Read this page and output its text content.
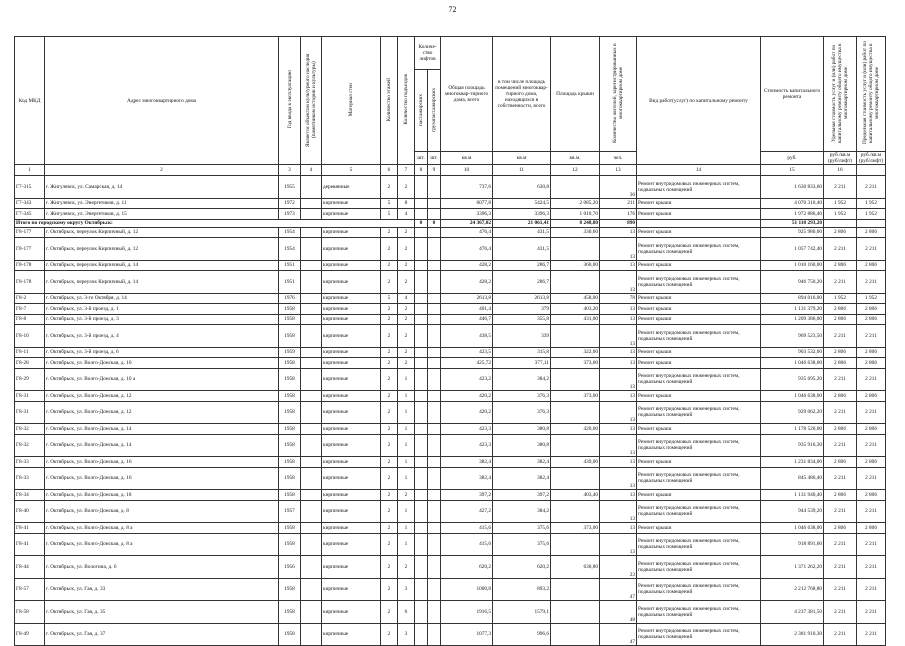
72
Код МКД	Адрес многоквартирного дома	Год ввода в эксплуатацию	Является объектом культурного наследия (памятником истории и культуры)	Материал стен	Количество этажей	Количество подъездов	Количе-ство лифтов		Общая площадь многоквар-тирного дома, всего	в том числе площадь помещений многоквар-тирного дома, находящихся в собственности, всего	Площадь крыши	Количество жителей, зарегистрированных в многоквартирном доме	Вид работ(услуг) по капитальному ремонту	Стоимость капитального ремонта	Удельная стоимость услуг и (или) работ по капитальному ремонту общего имущества в многоквартирном доме	Предельная стоимость услуг и (или) работ по капитальному ремонту общего имущества в многоквартирном доме
							пассажирских	грузопассажирских								
							шт.	шт.	кв.м	кв.м	кв.м.	чел.		руб.	руб./кв.м (руб/лифт)	руб./кв.м (руб/лифт)
1	2	3	4	5	6	7	8	9	10	11	12	13	14	15	16	
Г7-315	г. Жигулевск, ул. Самарская, д. 14	1955		деревянные	2	2			737,6	630,8		36	Ремонт внутридомовых инженерных систем, подвальных помещений	1 630 833,60	2 211	2 211
Г7-343	г. Жигулевск, ул. Энергетиков, д. 11	1972		кирпичные	5	8			6077,8	5424,5	2 085,20	211	Ремонт крыши	4 070 310,40	1 952	1 952
Г7-345	г. Жигулевск, ул. Энергетиков, д. 15	1973		кирпичные	5	4			3396,3	3396,3	1 010,70	176	Ремонт крыши	1 972 886,40	1 952	1 952
Итого по городскому округу Октябрьск:							0	0	24 367,02	21 061,41	8 248,80	890		51 110 293,20		
Г8-177	г. Октябрьск, переулок Кирпичный, д. 12	1954		кирпичные	2	2			476,4	431,5	330,60	13	Ремонт крыши	925 980,00	2 806	2 806
Г8-177	г. Октябрьск, переулок Кирпичный, д. 12	1954		кирпичные	2	2			476,4	431,5		13	Ремонт внутридомовых инженерных систем, подвальных помещений	1 057 742,40	2 211	2 211
Г8-178	г. Октябрьск, переулок Кирпичный, д. 14	1951		кирпичные	2	2			428,2	286,7	360,00	13	Ремонт крыши	1 010 160,00	2 806	2 806
Г8-178	г. Октябрьск, переулок Кирпичный, д. 14	1951		кирпичные	2	2			428,2	286,7		13	Ремонт внутридомовых инженерных систем, подвальных помещений	946 750,20	2 211	2 211
Г8-2	г. Октябрьск, ул. 3-го Октября, д. 14	1976		кирпичные	5	4			2613,8	2613,8	458,00	78	Ремонт крыши	894 016,00	1 952	1 952
Г8-7	г. Октябрьск, ул. 3-й проезд, д. 1	1958		кирпичные	2	2			401,4	379	403,20	13	Ремонт крыши	1 131 379,20	2 806	2 806
Г8-8	г. Октябрьск, ул. 3-й проезд, д. 3	1958		кирпичные	2	2			446,7	355,8	431,00	13	Ремонт крыши	1 209 386,00	2 806	2 806
Г8-10	г. Октябрьск, ул. 3-й проезд, д. 4	1958		кирпичные	2	2			438,5	339		13	Ремонт внутридомовых инженерных систем, подвальных помещений	969 523,50	2 211	2 211
Г8-11	г. Октябрьск, ул. 3-й проезд, д. 6	1959		кирпичные	2	2			423,5	315,8	322,00	13	Ремонт крыши	903 532,00	2 806	2 806
Г8-28	г. Октябрьск, ул. Волго-Донская, д. 10	1958		кирпичные	2	2			425,72	377,11	373,00	13	Ремонт крыши	1 046 638,00	2 806	2 806
Г8-29	г. Октябрьск, ул. Волго-Донская, д. 10 а	1958		кирпичные	2	1			423,2	384,2		13	Ремонт внутридомовых инженерных систем, подвальных помещений	935 695,20	2 211	2 211
Г8-31	г. Октябрьск, ул. Волго-Донская, д. 12	1958		кирпичные	2	1			420,2	376,3	373,00	13	Ремонт крыши	1 046 638,00	2 806	2 806
Г8-31	г. Октябрьск, ул. Волго-Донская, д. 12	1958		кирпичные	2	1			420,2	376,3		13	Ремонт внутридомовых инженерных систем, подвальных помещений	929 062,20	2 211	2 211
Г8-32	г. Октябрьск, ул. Волго-Донская, д. 14	1958		кирпичные	2	1			423,3	380,8	420,00	13	Ремонт крыши	1 178 520,00	2 806	2 806
Г8-32	г. Октябрьск, ул. Волго-Донская, д. 14	1958		кирпичные	2	1			423,3	380,8		13	Ремонт внутридомовых инженерных систем, подвальных помещений	935 916,30	2 211	2 211
Г8-33	г. Октябрьск, ул. Волго-Донская, д. 16	1958		кирпичные	2	1			382,4	382,4	439,00	13	Ремонт крыши	1 231 834,00	2 806	2 806
Г8-33	г. Октябрьск, ул. Волго-Донская, д. 16	1958		кирпичные	2	1			382,4	382,4		13	Ремонт внутридомовых инженерных систем, подвальных помещений	845 486,40	2 211	2 211
Г8-34	г. Октябрьск, ул. Волго-Донская, д. 18	1958		кирпичные	2	2			397,2	397,2	403,40	13	Ремонт крыши	1 131 940,40	2 806	2 806
Г8-40	г. Октябрьск, ул. Волго-Донская, д. 8	1957		кирпичные	2	1			427,2	384,2		13	Ремонт внутридомовых инженерных систем, подвальных помещений	944 539,20	2 211	2 211
Г8-41	г. Октябрьск, ул. Волго-Донская, д. 8 а	1958		кирпичные	2	1			415,6	375,6	373,00	13	Ремонт крыши	1 046 638,00	2 806	2 806
Г8-41	г. Октябрьск, ул. Волго-Донская, д. 8 а	1958		кирпичные	2	1			415,6	375,6		13	Ремонт внутридомовых инженерных систем, подвальных помещений	918 891,60	2 211	2 211
Г8-44	г. Октябрьск, ул. Вологина, д. 6	1956		кирпичные	2	2			620,2	620,2	630,80	23	Ремонт внутридомовых инженерных систем, подвальных помещений	1 371 262,20	2 211	2 211
Г8-57	г. Октябрьск, ул. Гая, д. 33	1958		кирпичные	2	3			1000,8	893,2		47	Ремонт внутридомовых инженерных систем, подвальных помещений	2 212 768,80	2 211	2 211
Г8-58	г. Октябрьск, ул. Гая, д. 35	1958		кирпичные	2	6			1916,5	1579,1		48	Ремонт внутридомовых инженерных систем, подвальных помещений	4 237 381,50	2 211	2 211
Г8-49	г. Октябрьск, ул. Гая, д. 37	1958		кирпичные	2	3			1077,3	996,6		47	Ремонт внутридомовых инженерных систем, подвальных помещений	2 381 910,30	2 211	2 211
